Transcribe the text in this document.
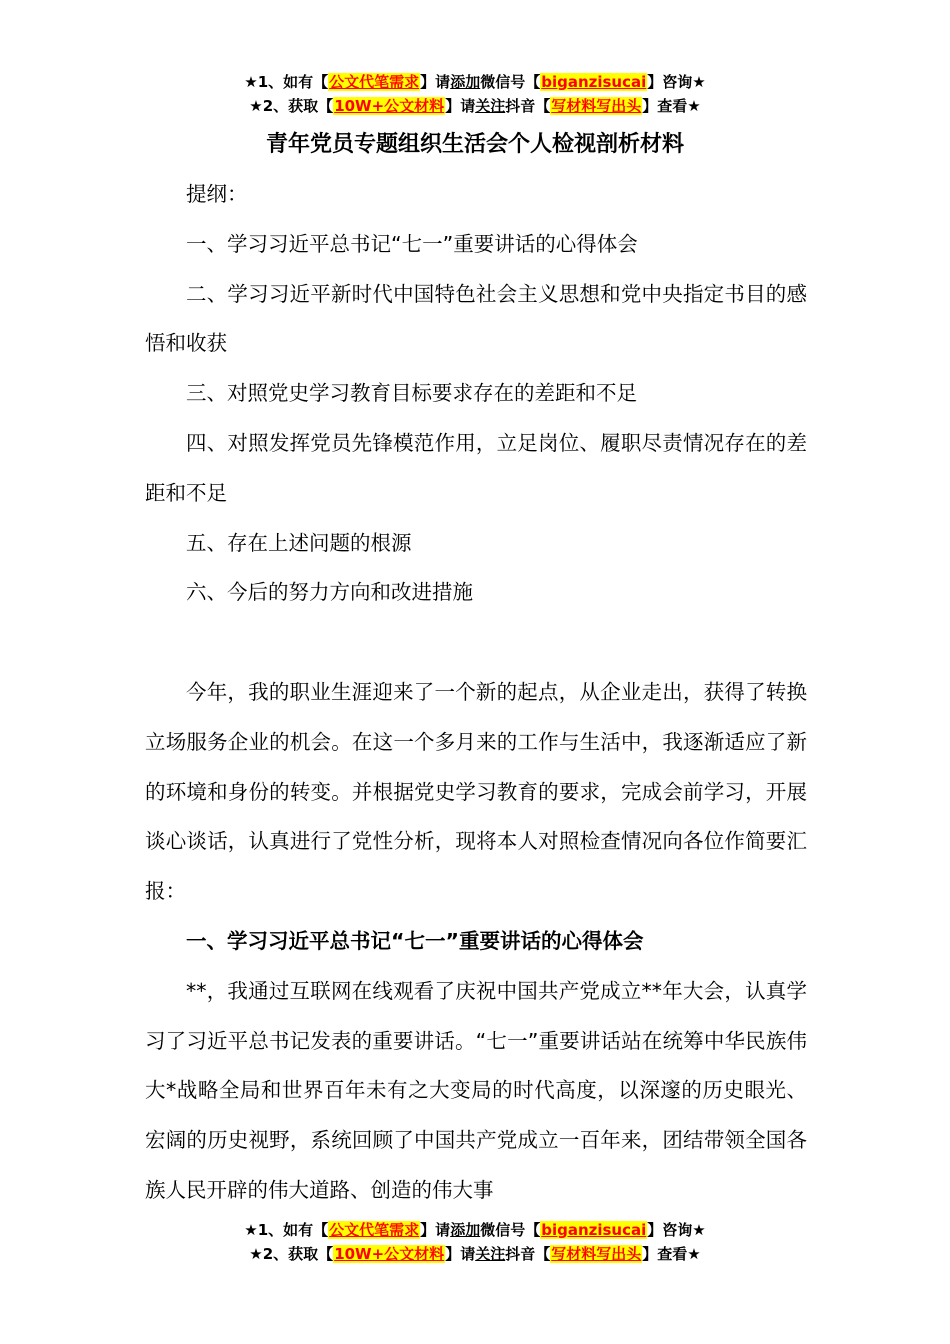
★1、如有【公文代笔需求】请添加微信号【biganzisucai】咨询★
★2、获取【10W+公文材料】请关注抖音【写材料写出头】查看★
青年党员专题组织生活会个人检视剖析材料

提纲：

一、学习习近平总书记“七一”重要讲话的心得体会

二、学习习近平新时代中国特色社会主义思想和党中央指定书目的感悟和收获

三、对照党史学习教育目标要求存在的差距和不足

四、对照发挥党员先锋模范作用，立足岗位、履职尽责情况存在的差距和不足

五、存在上述问题的根源

六、今后的努力方向和改进措施

今年，我的职业生涯迎来了一个新的起点，从企业走出，获得了转换立场服务企业的机会。在这一个多月来的工作与生活中，我逐渐适应了新的环境和身份的转变。并根据党史学习教育的要求，完成会前学习，开展谈心谈话，认真进行了党性分析，现将本人对照检查情况向各位作简要汇报：

一、学习习近平总书记“七一”重要讲话的心得体会

**，我通过互联网在线观看了庆祝中国共产党成立**年大会，认真学习了习近平总书记发表的重要讲话。“七一”重要讲话站在统筹中华民族伟大*战略全局和世界百年未有之大变局的时代高度，以深邃的历史眼光、宏阔的历史视野，系统回顾了中国共产党成立一百年来，团结带领全国各族人民开辟的伟大道路、创造的伟大事

★1、如有【公文代笔需求】请添加微信号【biganzisucai】咨询★
★2、获取【10W+公文材料】请关注抖音【写材料写出头】查看★
